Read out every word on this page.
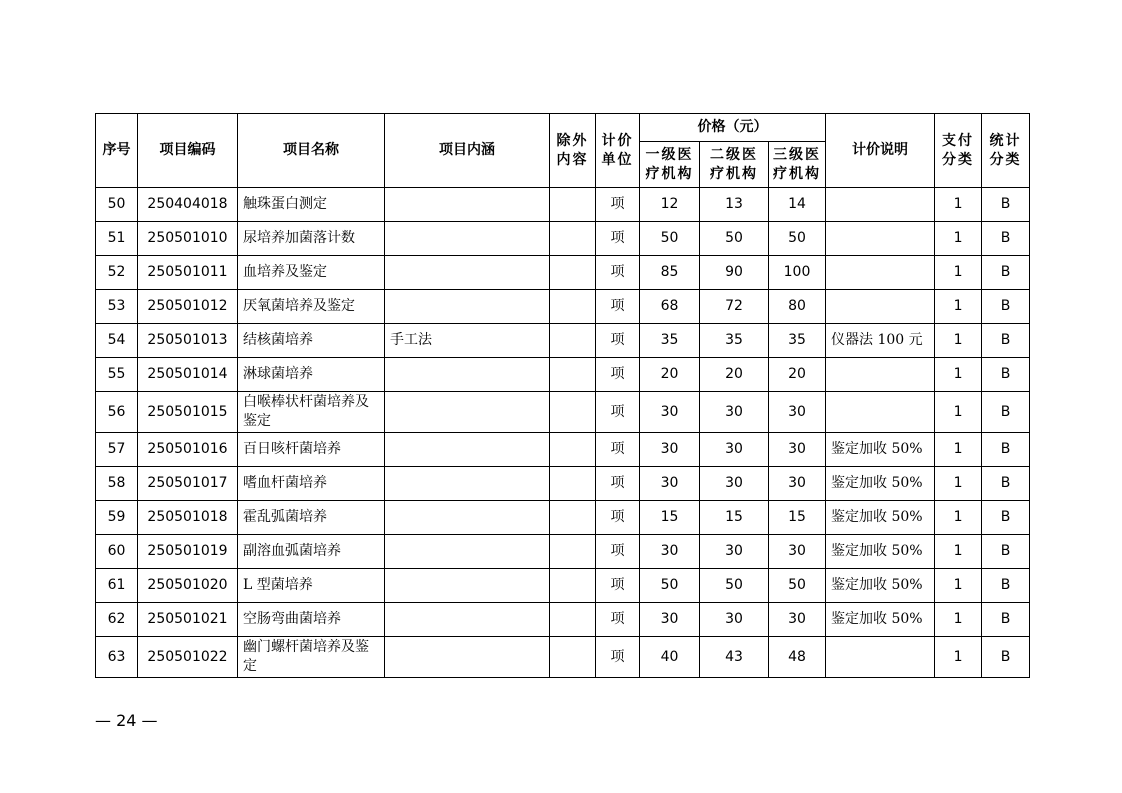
序号	项目编码	项目名称	项目内涵	除外内容	计价单位	价格（元）			计价说明	支付分类	统计分类
						一级医疗机构	二级医疗机构	三级医疗机构			
50	250404018	触珠蛋白测定			项	12	13	14		1	B
51	250501010	尿培养加菌落计数			项	50	50	50		1	B
52	250501011	血培养及鉴定			项	85	90	100		1	B
53	250501012	厌氧菌培养及鉴定			项	68	72	80		1	B
54	250501013	结核菌培养	手工法		项	35	35	35	仪器法 100 元	1	B
55	250501014	淋球菌培养			项	20	20	20		1	B
56	250501015	白喉棒状杆菌培养及鉴定			项	30	30	30		1	B
57	250501016	百日咳杆菌培养			项	30	30	30	鉴定加收 50%	1	B
58	250501017	嗜血杆菌培养			项	30	30	30	鉴定加收 50%	1	B
59	250501018	霍乱弧菌培养			项	15	15	15	鉴定加收 50%	1	B
60	250501019	副溶血弧菌培养			项	30	30	30	鉴定加收 50%	1	B
61	250501020	L 型菌培养			项	50	50	50	鉴定加收 50%	1	B
62	250501021	空肠弯曲菌培养			项	30	30	30	鉴定加收 50%	1	B
63	250501022	幽门螺杆菌培养及鉴定			项	40	43	48		1	B
— 24 —
